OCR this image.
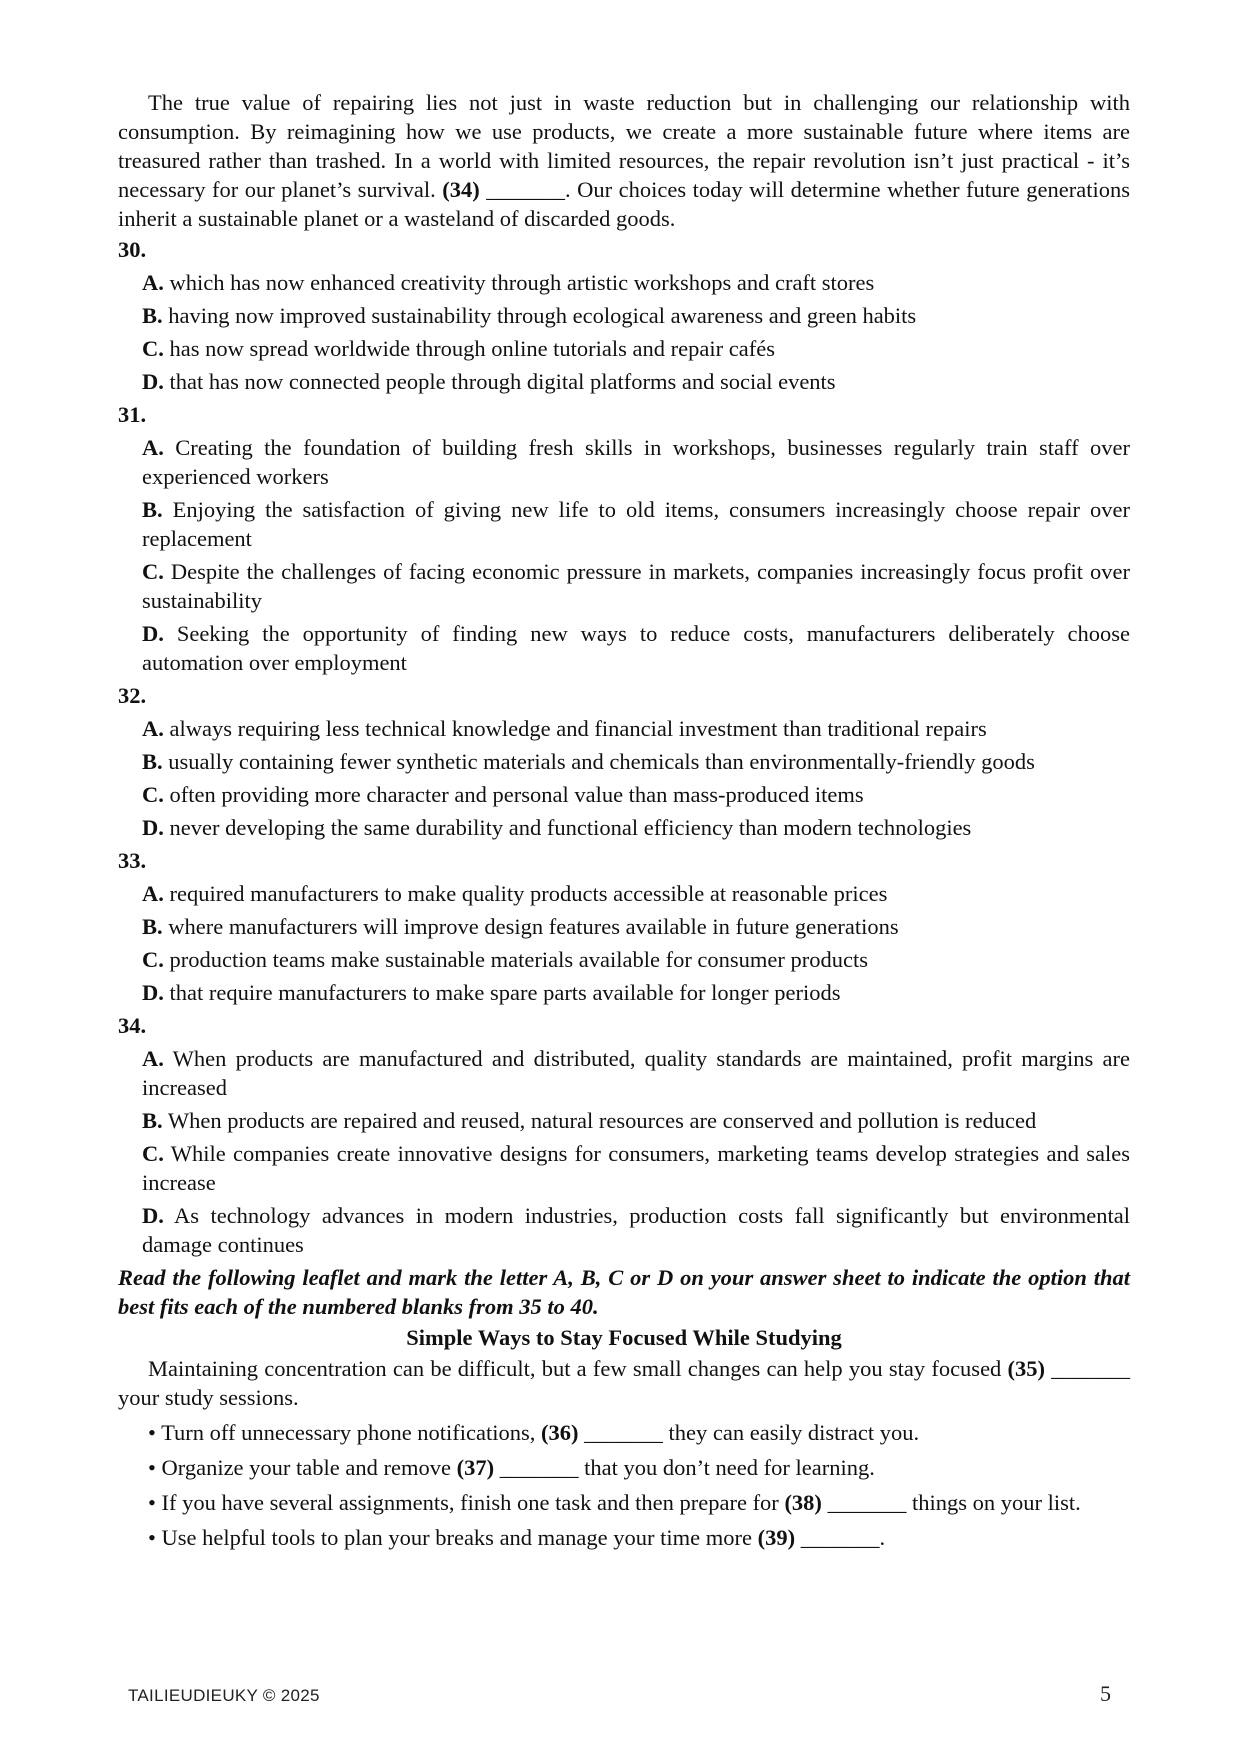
The true value of repairing lies not just in waste reduction but in challenging our relationship with consumption. By reimagining how we use products, we create a more sustainable future where items are treasured rather than trashed. In a world with limited resources, the repair revolution isn’t just practical - it’s necessary for our planet’s survival. (34) _______. Our choices today will determine whether future generations inherit a sustainable planet or a wasteland of discarded goods.

30.
A. which has now enhanced creativity through artistic workshops and craft stores
B. having now improved sustainability through ecological awareness and green habits
C. has now spread worldwide through online tutorials and repair cafés
D. that has now connected people through digital platforms and social events
31.
A. Creating the foundation of building fresh skills in workshops, businesses regularly train staff over experienced workers
B. Enjoying the satisfaction of giving new life to old items, consumers increasingly choose repair over replacement
C. Despite the challenges of facing economic pressure in markets, companies increasingly focus profit over sustainability
D. Seeking the opportunity of finding new ways to reduce costs, manufacturers deliberately choose automation over employment
32.
A. always requiring less technical knowledge and financial investment than traditional repairs
B. usually containing fewer synthetic materials and chemicals than environmentally-friendly goods
C. often providing more character and personal value than mass-produced items
D. never developing the same durability and functional efficiency than modern technologies
33.
A. required manufacturers to make quality products accessible at reasonable prices
B. where manufacturers will improve design features available in future generations
C. production teams make sustainable materials available for consumer products
D. that require manufacturers to make spare parts available for longer periods
34.
A. When products are manufactured and distributed, quality standards are maintained, profit margins are increased
B. When products are repaired and reused, natural resources are conserved and pollution is reduced
C. While companies create innovative designs for consumers, marketing teams develop strategies and sales increase
D. As technology advances in modern industries, production costs fall significantly but environmental damage continues
Read the following leaflet and mark the letter A, B, C or D on your answer sheet to indicate the option that best fits each of the numbered blanks from 35 to 40.
Simple Ways to Stay Focused While Studying

Maintaining concentration can be difficult, but a few small changes can help you stay focused (35) _______ your study sessions.

• Turn off unnecessary phone notifications, (36) _______ they can easily distract you.
• Organize your table and remove (37) _______ that you don’t need for learning.
• If you have several assignments, finish one task and then prepare for (38) _______ things on your list.
• Use helpful tools to plan your breaks and manage your time more (39) _______.
TAILIEUDIEUKY © 2025	5
